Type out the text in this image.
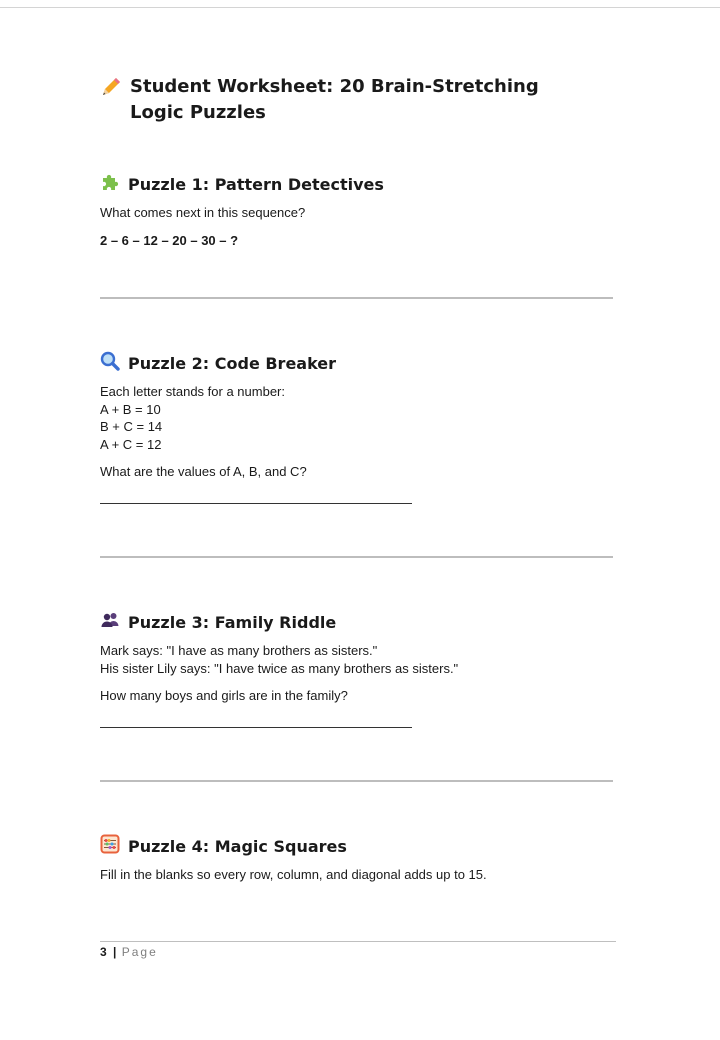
Student Worksheet: 20 Brain-Stretching Logic Puzzles
Puzzle 1: Pattern Detectives

What comes next in this sequence?

2 – 6 – 12 – 20 – 30 – ?

Puzzle 2: Code Breaker

Each letter stands for a number:

A + B = 10

B + C = 14

A + C = 12

What are the values of A, B, and C?

Puzzle 3: Family Riddle

Mark says: "I have as many brothers as sisters."

His sister Lily says: "I have twice as many brothers as sisters."

How many boys and girls are in the family?

Puzzle 4: Magic Squares

Fill in the blanks so every row, column, and diagonal adds up to 15.

3 | Page
